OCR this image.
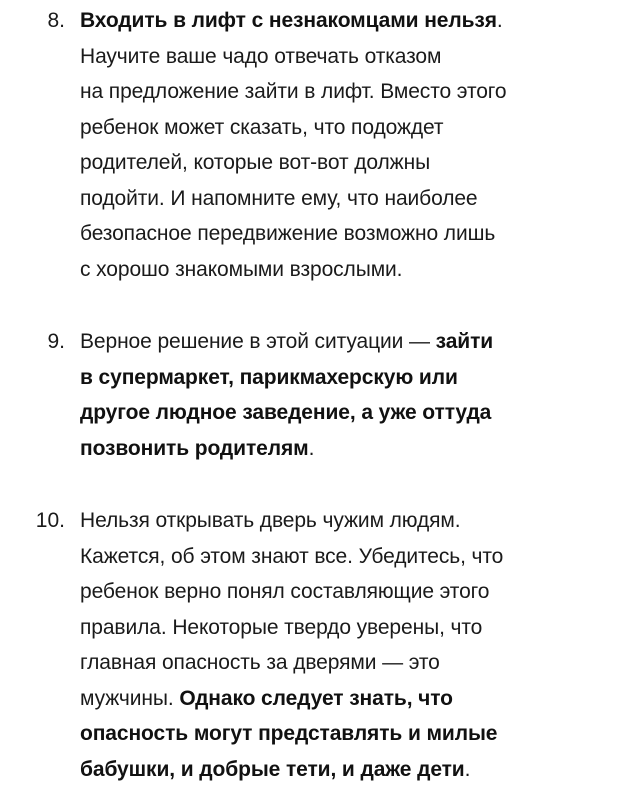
8. Входить в лифт с незнакомцами нельзя.
Научите ваше чадо отвечать отказом
на предложение зайти в лифт. Вместо этого
ребенок может сказать, что подождет
родителей, которые вот-вот должны
подойти. И напомните ему, что наиболее
безопасное передвижение возможно лишь
с хорошо знакомыми взрослыми.
9. Верное решение в этой ситуации — зайти
в супермаркет, парикмахерскую или
другое людное заведение, а уже оттуда
позвонить родителям.
10. Нельзя открывать дверь чужим людям.
Кажется, об этом знают все. Убедитесь, что
ребенок верно понял составляющие этого
правила. Некоторые твердо уверены, что
главная опасность за дверями — это
мужчины. Однако следует знать, что
опасность могут представлять и милые
бабушки, и добрые тети, и даже дети.
